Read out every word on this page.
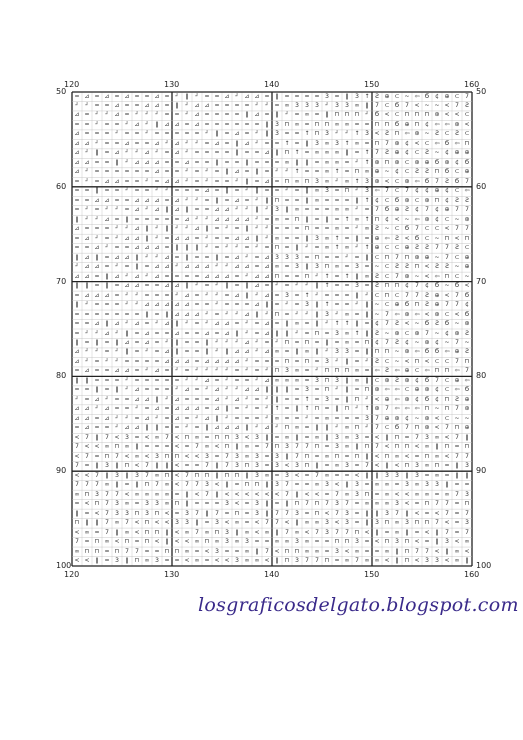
120
120
130
130
140
140
150
150
160
160
50	50
60	60
70	70
80	80
90	90
100	100
= ⊿ = ⊿ = ⊿ = = ⊿ = ┘	ǁ	┘ = = ⊿ ┘ ⊿ ⊿ =	ǁ	= = = = 3 =	ǁ	3 ↑ Ƨ ⊕ ⊂ ~ ⇦ Ϭ ¢ ⊕ ⊂ 7
┘	┘ = = ⊿ = = ⊿ ⊿ =	ǁ	┘ ⊿ ⊿ = = = = ┘	┘ = ∞ 3	3	3	┘	3	3 ∞	ǁ	7 ⊂ Ϭ 7 < ~ ~ < 7	Ƨ
⊿ = ┘	┘ ⊿ = ┘	┘	┘ = = ┘ ⊿ = = = =	ǁ	⊿ =	ǁ	┘ = ∞ =	ǁ	⊓ ⊓ ⊓ ┘	Ϭ < ⊂ ⊓ ⊓ ⊓ ⊛ < < ⊂
= = ┘ = = ┘ ⊿ ┘	ǁ	⊿ ⊿ = ⊿ = = = = = =	ǁ	3 ⊓ ∞ = ⊓ ⊓ ∞ ∞ = = ⊓ ⊓ Ϭ ⊕ ⊓ ¢ ⇦ ⇦ ⊛ <
⊿ = = = ┘ = = ┘ = = = = = ┘	ǁ	= ⊿ = ┘	ǁ	3 = = ↑ ⊓ 3	┘	┘ ↑ 3 < Ƨ ⊓ ⇦ ⊛ ~ Ƨ ⊂ Ƨ ⊂
⊿ ⊿ ┘ = = ⊿ = = ⊿ ┘ ⊿ ┘	┘ = ⊿ =	ǁ	⊿ ┘ = = ↑ =	ǁ	3 ∞ 3 ↑ ∞ = ⊓ 7 ⊛ ¢ < ⊂ ⇦ Ϭ ⇦ ⊓
⊿ ┘	ǁ	= ⊿ ┘	┘ ⊿ ┘ = ⊿ ┘ = = = =	ǁ	= = ⊿	ǁ	⊓ ↑ = ∞ ∞ ∞	ǁ	= ↑ 7	Ƨ ⊕ ¢ ⊂ Ƨ ~ ¢ ⊕ ⊕
⊿ ⊿ = =	ǁ	┘ ⊿ ⊿ ⊿ = = ⊿ = =	ǁ	= =	ǁ	= = = ∞	ǁ	ǁ	= ∞ ∞ = ┘ ↑ ⊛ ⊓ ⊛ ⊂ ⊛ ⊕ Ϭ ⊛ ¢ Ϭ
⊿ ┘ = = = = = = ⊿ = = ┘ = ┘ =	ǁ	⊿ =	ǁ	= ┘	┘ ↑ = = ∞ ↑ = ⊓ ∞ ⊕ ~ ¢ ⊂ Ƨ	Ƨ ⊓ Ϭ ⊂ ⊕
= ┘ = ⊿ ⊿ = = ┘ = ⊿ ⊿ ┘ = ┘ = = ┘	ǁ	= ⊿ = ⊓ ∞ ⊓ 3 ∞ ┘ ∞ ↑ 3 ⊛ < ⊂ ⊛ ⇦ Ϭ 7	Ƨ Ϭ 7
= =	ǁ	= = ┘ = = ┘	┘ = = = ⊿ =	ǁ	= ┘	ǁ	= = ┘ =	ǁ	∞ 3 = ⊓ ┘	3 ⇦ 7 ⊂ 7	¢	¢ ⊕ ¢ ⊂ ⇦
= = ⊿ ⊿ = = ⊿ ⊿ ⊿ = ⊿ ┘	┘ =	ǁ	= ⊿ = ┘	ǁ	⊓ = =	ǁ	∞ = = =	ǁ	↑ ¢ ⊂ Ϭ ⊛ ⊂ ⊛ ⊓ ¢	Ƨ	Ƨ
= ┘ = ┘	┘ = ⊿ ┘ ⊿	ǁ	⊿	ǁ	= = ⊿ ⊿ ┘	┘	ǁ	┘	3	ǁ	∞ = = = ∞ ∞ ┘ = 7 Ϭ ⊕ Ƨ	¢	7	¢ ⊕ 7	7
ǁ	┘	┘ ⊿ =	ǁ	= = = = = ⊿ ┘	┘ ⊿ ⊿ ⊿ ⊿ ┘ = ∞ = ⊓	ǁ	=	ǁ	= ↑ ∞ ↑ ⊓ ¢ < ~ ⇦ ⊛ ¢ ⊂ ~ ⊛
⊿ = = = ┘	┘ ⊿	ǁ	┘	ǁ	┘	┘ ⊿	ǁ	= ┘ =	ǁ	┘	┘ = = = ⊓ = = ∞ = ┘ ∞ Ƨ ~ ⊂ Ϭ 7 ⊂ ⊂ < 7	7
= ⊿ ┘ = ┘ ⊿ ⊿	ǁ	┘ = ⊿ ⊿ = ┘ = = ⊿ ⊿	ǁ	┘ ∞ = =	ǁ	3 ∞ ↑ =	ǁ	= ⊕ ⇦ Ƨ < Ϭ ⊂ ~ ⊓ < ⊓
= = ⊿ ┘ = = ⊿ ⊿ ⊿ =	ǁ	ǁ	ǁ	┘ = ┘	┘ = ┘ = ⊓ =	ǁ	┘ = ∞ ↑ ∞ ┘ ↑ ⊕ ⊂ ⊂ ⊕ Ƨ	Ƨ	7	7	Ƨ ⊂
ǁ	⊿	ǁ	= ⊿ ⊿	ǁ	┘	┘ ⊿ =	ǁ	= =	ǁ	= ⊿ ┘ = ⊿ 3	3	3 = ⊓ = = ┘ =	ǁ	⊂ ⊓ 7 ⊓ ⊛ ⊕ ~ 7 ⊂ ⊕
┘ ⊿ ⊿ = ┘ =	ǁ	= ⊿ ⊿ ┘ ⊿ ⊿ ⊿ ┘	┘ ⊿ ⊿ = ⊿ ∞ = 3	ǁ	3 ⊓ ∞ = 3 = ~ ⊂ Ƨ	Ƨ ⊓ < Ƨ	Ƨ ~ ⊕
⊿ ⊿ =	ǁ	⊿ ┘ ⊿ ┘ ⊿ = = = = ⊿ ⊿ ⊿ = ┘ ⊿ ⊿ ⊓ = = ⊓ ┘ ↑ = ↑	ǁ	∞ Ƨ ⊂ 7 ⊛ ~ < ⇦ ⊓ ⊂ ~
ǁ	ǁ	=	ǁ	= ⊿ ⊿ = = ⊿ ⊿	ǁ	┘ = ┘	ǁ	=	ǁ	⊿ = ┘ = ┘	┘	ǁ	↑ = = 3 = Ƨ ⊓ ⊓ ¢	7	¢ Ϭ ~ Ϭ <
= ⊿ ⊿ ⊿ = ┘	┘ = = = ┘ ⊿ = ┘	┘ = ⊿	ǁ	┘ ⊿ = 3 = ↑ ┘ = = =	ǁ	┘ ⊂ ⊓ ⊂ 7	7	Ƨ ⊕ < 7 Ϭ
ǁ	┘ = = = ┘	┘ ⊿ ⊿ ⊿ ⊿ ⊿ = = ┘ = = = ⊿	ǁ	= ┘ = 3	ǁ	↑ = = ┘	ǁ	~ ⊂ ⊕ Ϭ ⊓ Ƨ ⊕ 7	7	¢
= = = = = = =	ǁ	=	ǁ	⊿ ⊿ ⊿ ┘ = ┘	┘ ⊿	ǁ	┘ ⊓ = ┘	┘	ǁ	3	┘ ∞ =	ǁ	~ 7 ⇦ ⊛ ⇦ < ⊛ ⊂ < Ϭ
= = ⊿	ǁ	⊿ ┘ ⊿ = ┘ ⊿	ǁ	┘ = ┘ ⊿ ⊿ = ┘ = ⊿ =	ǁ	∞ =	ǁ	┘ ↑ ↑	ǁ	= ¢	7	Ƨ < ~ Ϭ	Ƨ Ϭ ~ ⊛
= ┘	┘ ⊿ ┘	ǁ	= ⊿ = = ⊿ = = ⊿ = ⊿	ǁ	┘ = ⊿	ǁ	ǁ	┘ = ⊓ = 3 ∞ ↑	ǁ	Ƨ ~ ⊛ ⊂ ⊛ 7 ~ ¢ ⊛ Ƨ
ǁ	=	ǁ	=	ǁ	⊿ = ⊿ = ┘	ǁ	= =	ǁ	┘	┘	┘ ⊿ ┘ = ┘ ⊓ = ⊓ =	ǁ	= ∞ = ⊓ ¢	7	Ƨ	¢ ~ ⊛ ¢ ~ 7 ~
⊿ ┘	┘ = ┘	ǁ	= ┘ = ⊿	ǁ	= =	ǁ	┘	ǁ	⊿ ⊿ ┘ ⊿ ∞ =	ǁ	∞	ǁ	┘	3	3 =	ǁ	⊓ ⊓ ~ ⊛ ⇦ Ϭ Ϭ ⇦ ⊕ Ƨ
⊿ ┘ = ┘	┘ = = = = ⊿ ⊿ ⊿ = ⊿ ⊿ ⊿ ⊿ ┘ = = = ⊓ = ⊓ = 3	┘	ǁ	= ┘	Ƨ ⊂ ~ < ⊓ < ⊂ ⊂ 7 ⊓
= ⊿ = = ⊿ ⊿ = ┘ ⊿ = ┘ = ┘	┘	┘	┘ = ┘ = ┘ ⊓ 3 ∞ = ┘ ⊓ ⊓ ⊓ ∞ = ⇦ Ƨ ⇦ ⊕ ⊂ ⇦ ⊓ ⊓ ⇦ 7
ǁ	ǁ	= = = ┘ = = = = = ┘	┘ ⊿ = ┘ = = ┘ ⊿ ∞ ∞ ∞ = 3 ⊓ 3	ǁ	∞	ǁ	⊂ ⊛ Ƨ ⊛ ¢ Ϭ 7 ⊂ ⊕ ⇦
= =	ǁ	=	ǁ	┘ ⊿ = = = ┘ ⊿ = ┘ ⊿ ┘	┘ ⊿ ⊿	ǁ	ǁ	ǁ	= 3 = ⊓ ┘	ǁ	= ⊓ ⊛ ⇦ ⇦ ⊂ ⊕ ⊛ ¢ ⊂ ⇦ Ϭ
┘ = ⊿ ┘ = = ⊿ ⊿	ǁ	┘ ⊿ = = = ⊿ ┘ ⊿ ┘ = ┘	ǁ	= = ↑ = 3 =	ǁ	⊓ ┘ < ⊕ ⇦ ⊛ ¢ Ϭ ¢ ⊓ Ƨ ⊕
⊿ ⊿ ┘ ⊿ = = ┘ = ⊿ = ⊿ ⊿ ⊿ = ⊿	ǁ	= ┘ = ┘ ↑ =	ǁ	↑ ⊓ =	ǁ	⊓ ┘ ↑ ⊛ 7 ⇦ ⇦ ⇦ ⊓ ~ ⊓ 7 ⊛
⊿ ⊿ = ⊿ ┘	┘ = ⊿ ┘ = ⊿ = ┘ ⊿	ǁ	┘ = = = ┘ ∞ = = ┘ = ∞ = = = 3	7 ⊕ ⊛ ¢ ~ ⊛ < ⊂ ~ ~
= ⊿ = = ┘ ⊿ ⊿	ǁ	ǁ	= = ┘ =	ǁ	⊿ ⊿ ⊿	ǁ	┘ ⊿ ┘ ⊓ ∞ =	ǁ	ǁ	┘ ∞ ⊓ ┘	7 ⊂ Ϭ 7 ⊓ ⊛ < 7 ⊓ ⊕
< 7	ǁ	7 < 3 = < ∞ 7 < ⊓ ∞ = ⊓ ⊓ 3 < 3	ǁ	= ∞	ǁ	= ∞	ǁ	3 ∞ 3 = <	ǁ	⊓ = 7	3 ∞ < 7	ǁ
7 < < ∞ ⊓ ∞	ǁ	= = = < = 7 ∞ < ⊓	ǁ	∞ = 7 ⊓ 3	7	7 ⊓ = 3 ∞	ǁ	⊓ 7 < ⊓ ⊓ < ∞	ǁ	⊓ = ⊓
< 7 = ⊓ 7 < ∞ < 3 ⊓ ⊓ < < 3 = 7	3 ∞ 3 = 3	ǁ	7 ⊓ = ∞ ⊓ = ⊓	ǁ	< ⊓ ∞ < = ⊓ ∞ < 7	7
7 =	ǁ	3	ǁ	⊓ < 7	ǁ	ǁ	< = = 7	ǁ	7	3 ⊓ 3 = 3 < 3 ⊓	ǁ	= ∞ 3 = 7 <	ǁ	< ⊓ 3 ∞ ⊓ =	ǁ	3
< < 7	ǁ	3	ǁ	3	7 ∞ ⊓ < 7 ⊓ ⊓	ǁ	⊓ ⊓	ǁ	3 ∞ = 3 < = 7 ∞ = = <	ǁ	ǁ	3	3	ǁ	3 = ∞ =	ǁ	ǁ
7	7	7 ∞	ǁ	=	ǁ	⊓ 7 ∞ < 7	7	3 <	ǁ	= ⊓ ⊓	ǁ	3	7 = = ∞ 3 <	ǁ	3 = ∞ ∞ = 3 ∞ 3	3	ǁ	= =
∞ ⊓ 3	7	7 < ∞ ∞ ∞ ∞ =	ǁ	< 7	ǁ	< < < < < < 7	ǁ	< < = 7 ∞ 3 ⊓ = ∞ < < ∞ ∞ = ∞ 7	3
= < ⊓ 7	3 ∞ = 3	3 ∞ ⊓	ǁ	= = = 3 < = 3	ǁ	=	ǁ	⊓ 7 ⊓ 7	3	7 = ∞ ∞ ∞ 3 < = ⊓ 7	7 = ⊓
ǁ	= < 7	3	3 ⊓ 3 ⊓ < = 3	7	ǁ	7 = ⊓ = 3	ǁ	7	7	3 = ⊓ < 7	3 =	ǁ	ǁ	3	7	ǁ	< = < 7 = 7
⊓	ǁ	ǁ	7 ∞ 7 < ⊓ < < 3	3	ǁ	= 3 < ∞ = < 7	7 <	ǁ	∞ ∞ 3 < 3 =	ǁ	3 ⊓ ∞ 3 ⊓ ⊓ 7 < = 3
< ∞ = 7	ǁ	∞ < ⊓ ⊓	ǁ	< ∞ 7 ∞ ⊓ 3	ǁ	∞ < ∞	ǁ	7 ∞ < 7	3	7	7 ⊓ <	ǁ	= ∞	ǁ	= <	ǁ	7 = 7
7 = ⊓ ∞ < ⊓ = ⊓ <	ǁ	< < ∞ ⊓ ∞ 3 ∞ 3 = = ∞ ∞ 3 ∞ = = ⊓ ⊓ 3 = < ⊓ 3 ⊓ < =	ǁ	3 < ∞
∞ ⊓ ⊓ = ⊓ 7	7 = = ⊓ ⊓ ∞ = < 3 = = ∞	ǁ	7 < ⊓ ⊓ ∞ ∞ = 3 < ∞ = = ∞	ǁ	⊓ 7	7 <	ǁ	∞ <
< <	ǁ	= 3	ǁ	⊓ ∞ 3 = = < ∞ = < < 3 ∞ ∞ <	ǁ	⊓ 3	7	7 ⊓ = ∞ 7 ∞ ∞ <	ǁ	⊓ < 3	3 < ∞	ǁ
losgraficosdelgato.blogspot.com
